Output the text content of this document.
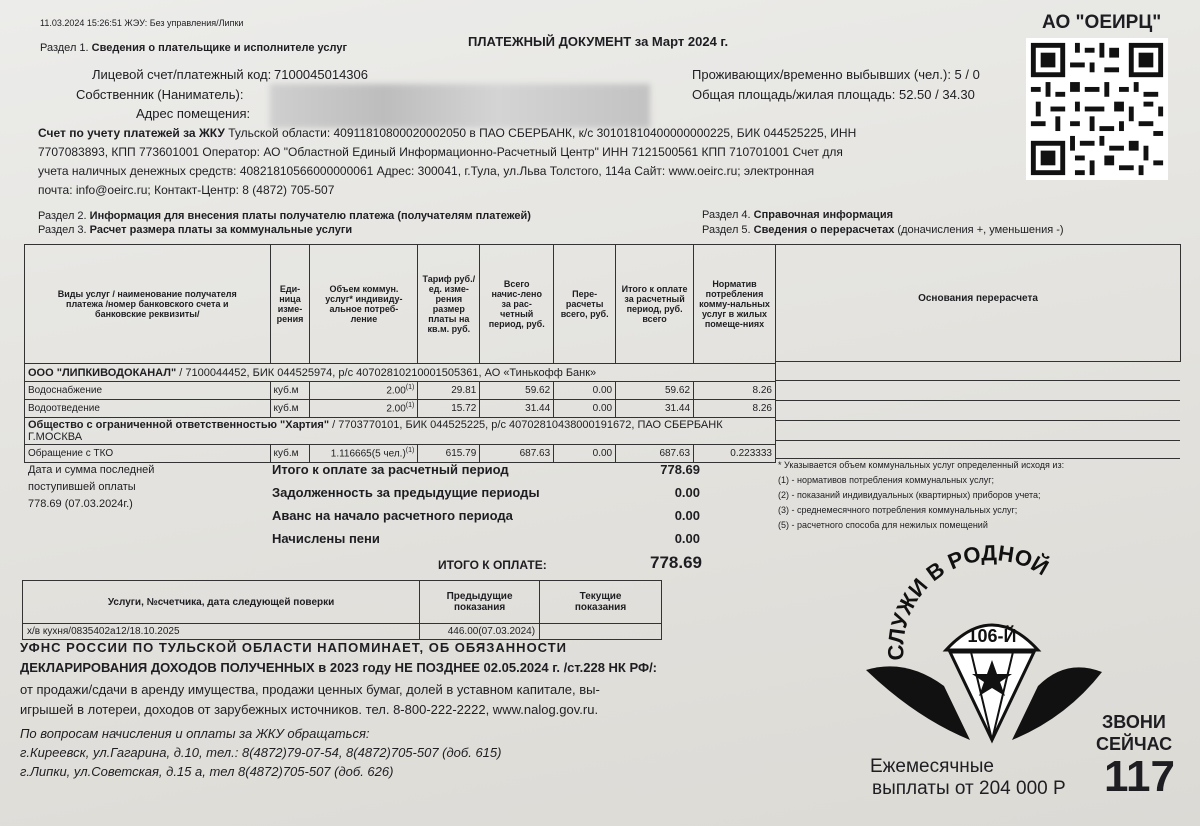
11.03.2024 15:26:51 ЖЭУ: Без управления/Липки
ПЛАТЕЖНЫЙ ДОКУМЕНТ за Март 2024 г.
АО "ОЕИРЦ"
Раздел 1. Сведения о плательщике и исполнителе услуг
Лицевой счет/платежный код: 7100045014306
Собственник (Наниматель):
Адрес помещения:
Проживающих/временно выбывших (чел.): 5 / 0
Общая площадь/жилая площадь: 52.50 / 34.30
Счет по учету платежей за ЖКУ Тульской области: 40911810800020002050 в ПАО СБЕРБАНК, к/с 30101810400000000225, БИК 044525225, ИНН
7707083893, КПП 773601001 Оператор: АО "Областной Единый Информационно-Расчетный Центр" ИНН 7121500561 КПП 710701001 Счет для
учета наличных денежных средств: 40821810566000000061 Адрес: 300041, г.Тула, ул.Льва Толстого, 114а Сайт: www.oeirc.ru; электронная
почта: info@oeirc.ru; Контакт-Центр: 8 (4872) 705-507
Раздел 2. Информация для внесения платы получателю платежа (получателям платежей)
Раздел 3. Расчет размера платы за коммунальные услуги
Раздел 4. Справочная информация
Раздел 5. Сведения о перерасчетах (доначисления +, уменьшения -)
Виды услуг / наименование получателя платежа /номер банковского счета и банковские реквизиты/	Еди-ница изме-рения	Объем коммун. услуг* индивиду-альное потреб-ление	Тариф руб./ед. изме-рения размер платы на кв.м. руб.	Всего начис-лено за рас-четный период, руб.	Пере-расчеты всего, руб.	Итого к оплате за расчетный период, руб. всего	Норматив потребления комму-нальных услуг в жилых помеще-ниях
ООО "ЛИПКИВОДОКАНАЛ" / 7100044452, БИК 044525974, р/с 40702810210001505361, АО «Тинькофф Банк»							
Водоснабжение	куб.м	2.00$^{(1)}$	29.81	59.62	0.00	59.62	8.26
Водоотведение	куб.м	2.00$^{(1)}$	15.72	31.44	0.00	31.44	8.26
Общество с ограниченной ответственностью "Хартия" / 7703770101, БИК 044525225, р/с 40702810438000191672, ПАО СБЕРБАНК Г.МОСКВА							
Обращение с ТКО	куб.м	1.116665(5 чел.)$^{(1)}$	615.79	687.63	0.00	687.63	0.223333
Основания перерасчета
Дата и сумма последней
поступившей оплаты
778.69 (07.03.2024г.)
Итого к оплате за расчетный период	778.69
Задолженность за предыдущие периоды	0.00
Аванс на начало расчетного периода	0.00
Начислены пени	0.00
ИТОГО К ОПЛАТЕ:	778.69
* Указывается объем коммунальных услуг определенный исходя из:
(1) - нормативов потребления коммунальных услуг;
(2) - показаний индивидуальных (квартирных) приборов учета;
(3) - среднемесячного потребления коммунальных услуг;
(5) - расчетного способа для нежилых помещений
Услуги, №счетчика, дата следующей поверки	Предыдущие показания	Текущие показания
х/в кухня/0835402a12/18.10.2025	446.00(07.03.2024)	
УФНС РОССИИ ПО ТУЛЬСКОЙ ОБЛАСТИ НАПОМИНАЕТ, ОБ ОБЯЗАННОСТИ
ДЕКЛАРИРОВАНИЯ ДОХОДОВ ПОЛУЧЕННЫХ в 2023 году НЕ ПОЗДНЕЕ 02.05.2024 г. /ст.228 НК РФ/:
от продажи/сдачи в аренду имущества, продажи ценных бумаг, долей в уставном капитале, вы-
игрышей в лотереи, доходов от зарубежных источников. тел. 8-800-222-2222, www.nalog.gov.ru.
По вопросам начисления и оплаты за ЖКУ обращаться:
г.Киреевск, ул.Гагарина, д.10, тел.: 8(4872)79-07-54, 8(4872)705-507 (доб. 615)
г.Липки, ул.Советская, д.15 а, тел 8(4872)705-507 (доб. 626)
СЛУЖИ В РОДНОЙ
106-Й
ЗВОНИ
СЕЙЧАС
117
Ежемесячные
выплаты от 204 000 Р
